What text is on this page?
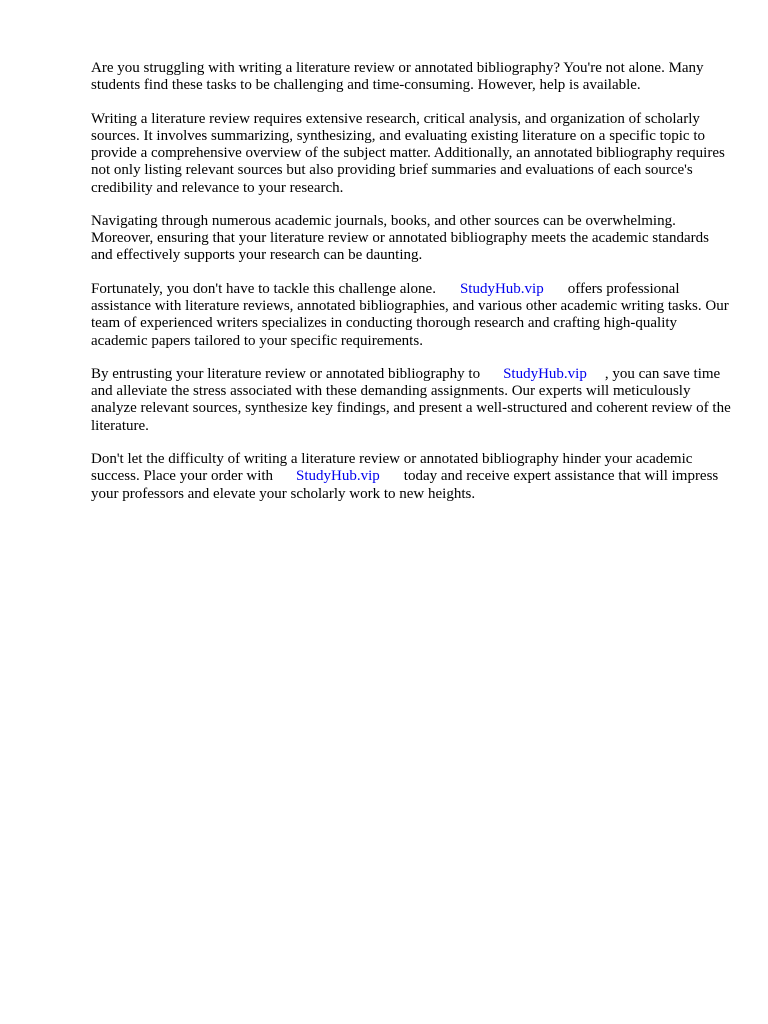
Are you struggling with writing a literature review or annotated bibliography? You're not alone. Many students find these tasks to be challenging and time-consuming. However, help is available.

Writing a literature review requires extensive research, critical analysis, and organization of scholarly sources. It involves summarizing, synthesizing, and evaluating existing literature on a specific topic to provide a comprehensive overview of the subject matter. Additionally, an annotated bibliography requires not only listing relevant sources but also providing brief summaries and evaluations of each source's credibility and relevance to your research.

Navigating through numerous academic journals, books, and other sources can be overwhelming. Moreover, ensuring that your literature review or annotated bibliography meets the academic standards and effectively supports your research can be daunting.

Fortunately, you don't have to tackle this challenge alone. StudyHub.vip offers professional assistance with literature reviews, annotated bibliographies, and various other academic writing tasks. Our team of experienced writers specializes in conducting thorough research and crafting high-quality academic papers tailored to your specific requirements.

By entrusting your literature review or annotated bibliography to StudyHub.vip , you can save time and alleviate the stress associated with these demanding assignments. Our experts will meticulously analyze relevant sources, synthesize key findings, and present a well-structured and coherent review of the literature.

Don't let the difficulty of writing a literature review or annotated bibliography hinder your academic success. Place your order with StudyHub.vip today and receive expert assistance that will impress your professors and elevate your scholarly work to new heights.
